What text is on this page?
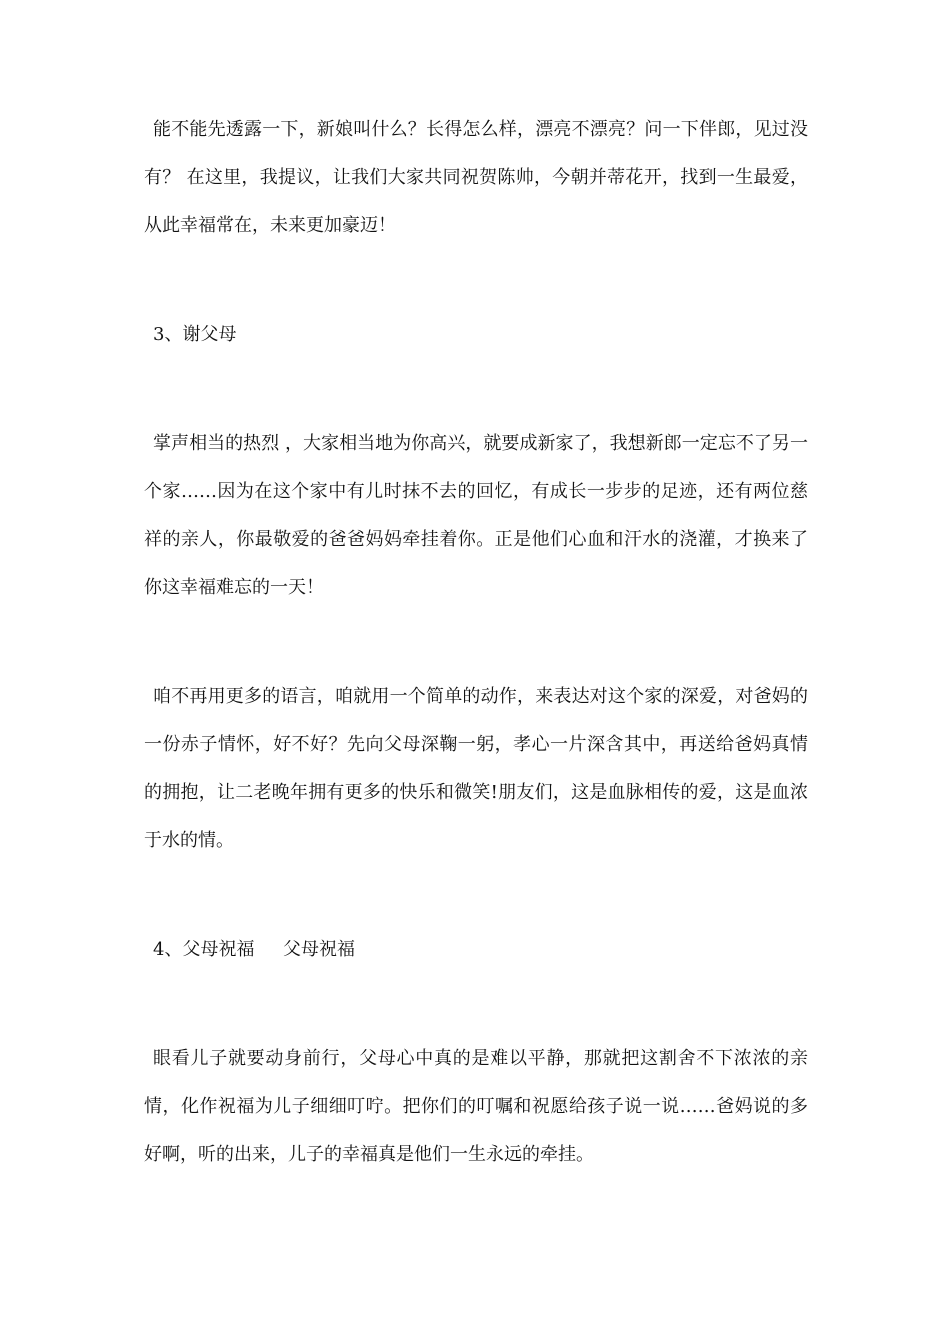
能不能先透露一下，新娘叫什么？长得怎么样，漂亮不漂亮？问一下伴郎，见过没有？ 在这里，我提议，让我们大家共同祝贺陈帅，今朝并蒂花开，找到一生最爱，从此幸福常在，未来更加豪迈！

3、谢父母

掌声相当的热烈 ，大家相当地为你高兴，就要成新家了，我想新郎一定忘不了另一个家……因为在这个家中有儿时抹不去的回忆，有成长一步步的足迹，还有两位慈祥的亲人，你最敬爱的爸爸妈妈牵挂着你。正是他们心血和汗水的浇灌，才换来了你这幸福难忘的一天！

咱不再用更多的语言，咱就用一个简单的动作，来表达对这个家的深爱，对爸妈的一份赤子情怀，好不好？先向父母深鞠一躬，孝心一片深含其中，再送给爸妈真情的拥抱，让二老晚年拥有更多的快乐和微笑!朋友们，这是血脉相传的爱，这是血浓于水的情。

4、父母祝福     父母祝福

眼看儿子就要动身前行，父母心中真的是难以平静，那就把这割舍不下浓浓的亲情，化作祝福为儿子细细叮咛。把你们的叮嘱和祝愿给孩子说一说……爸妈说的多好啊，听的出来，儿子的幸福真是他们一生永远的牵挂。
